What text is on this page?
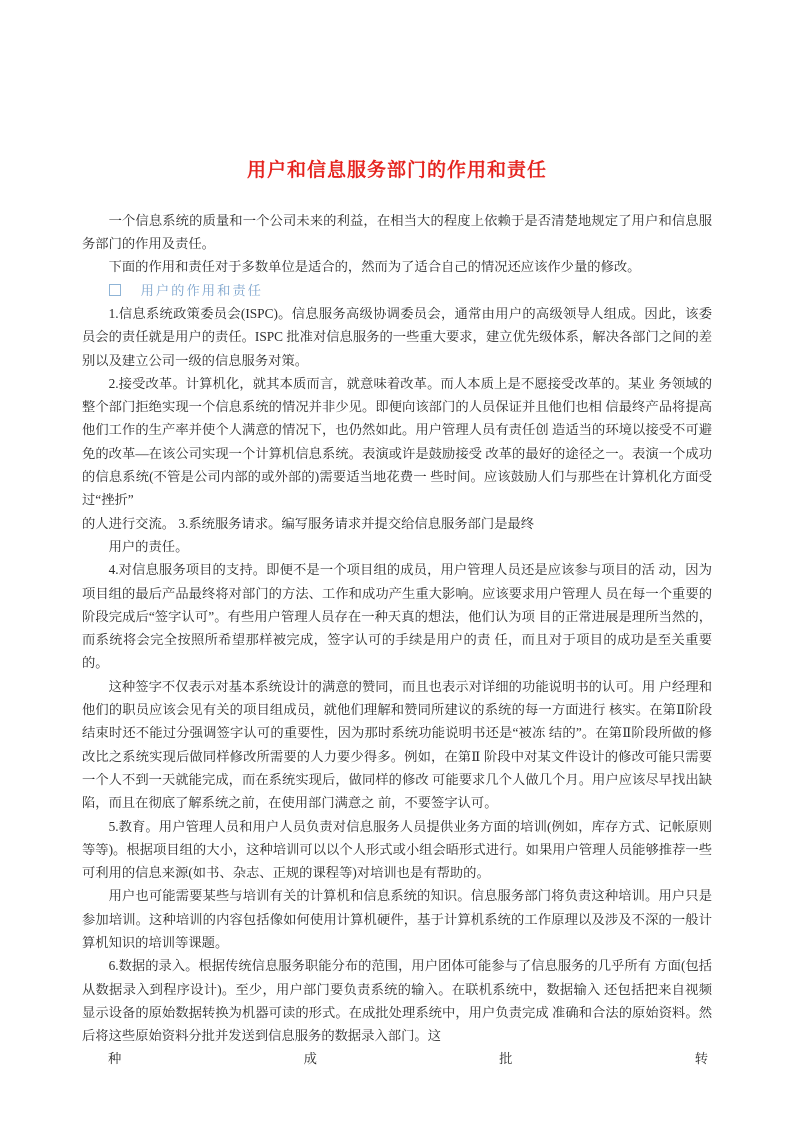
用户和信息服务部门的作用和责任

一个信息系统的质量和一个公司未来的利益，在相当大的程度上依赖于是否清楚地规定了用户和信息服务部门的作用及责任。

下面的作用和责任对于多数单位是适合的，然而为了适合自己的情况还应该作少量的修改。

用户的作用和责任

1.信息系统政策委员会(ISPC)。信息服务高级协调委员会，通常由用户的高级领导人组成。因此，该委员会的责任就是用户的责任。ISPC 批准对信息服务的一些重大要求，建立优先级体系，解决各部门之间的差别以及建立公司一级的信息服务对策。

2.接受改革。计算机化，就其本质而言，就意味着改革。而人本质上是不愿接受改革的。某业 务领域的整个部门拒绝实现一个信息系统的情况并非少见。即便向该部门的人员保证并且他们也相 信最终产品将提高他们工作的生产率并使个人满意的情况下，也仍然如此。用户管理人员有责任创 造适当的环境以接受不可避免的改革—在该公司实现一个计算机信息系统。表演或许是鼓励接受 改革的最好的途径之一。表演一个成功的信息系统(不管是公司内部的或外部的)需要适当地花费一 些时间。应该鼓励人们与那些在计算机化方面受过“挫折”

的人进行交流。 3.系统服务请求。编写服务请求并提交给信息服务部门是最终

用户的责任。

4.对信息服务项目的支持。即便不是一个项目组的成员，用户管理人员还是应该参与项目的活 动，因为项目组的最后产品最终将对部门的方法、工作和成功产生重大影响。应该要求用户管理人 员在每一个重要的阶段完成后“签字认可”。有些用户管理人员存在一种天真的想法，他们认为项 目的正常进展是理所当然的，而系统将会完全按照所希望那样被完成，签字认可的手续是用户的责 任，而且对于项目的成功是至关重要的。

这种签字不仅表示对基本系统设计的满意的赞同，而且也表示对详细的功能说明书的认可。用 户经理和他们的职员应该会见有关的项目组成员，就他们理解和赞同所建议的系统的每一方面进行 核实。在第Ⅱ阶段结束时还不能过分强调签字认可的重要性，因为那时系统功能说明书还是“被冻 结的”。在第Ⅱ阶段所做的修改比之系统实现后做同样修改所需要的人力要少得多。例如，在第Ⅱ 阶段中对某文件设计的修改可能只需要一个人不到一天就能完成，而在系统实现后，做同样的修改 可能要求几个人做几个月。用户应该尽早找出缺陷，而且在彻底了解系统之前，在使用部门满意之 前，不要签字认可。

5.教育。用户管理人员和用户人员负责对信息服务人员提供业务方面的培训(例如，库存方式、记帐原则等等)。根据项目组的大小，这种培训可以以个人形式或小组会晤形式进行。如果用户管理人员能够推荐一些可利用的信息来源(如书、杂志、正规的课程等)对培训也是有帮助的。

用户也可能需要某些与培训有关的计算机和信息系统的知识。信息服务部门将负责这种培训。用户只是参加培训。这种培训的内容包括像如何使用计算机硬件，基于计算机系统的工作原理以及涉及不深的一般计算机知识的培训等课题。

6.数据的录入。根据传统信息服务职能分布的范围，用户团体可能参与了信息服务的几乎所有 方面(包括从数据录入到程序设计)。至少，用户部门要负责系统的输入。在联机系统中，数据输入 还包括把来自视频显示设备的原始数据转换为机器可读的形式。在成批处理系统中，用户负责完成 准确和合法的原始资料。然后将这些原始资料分批并发送到信息服务的数据录入部门。这

种	成	批	转
